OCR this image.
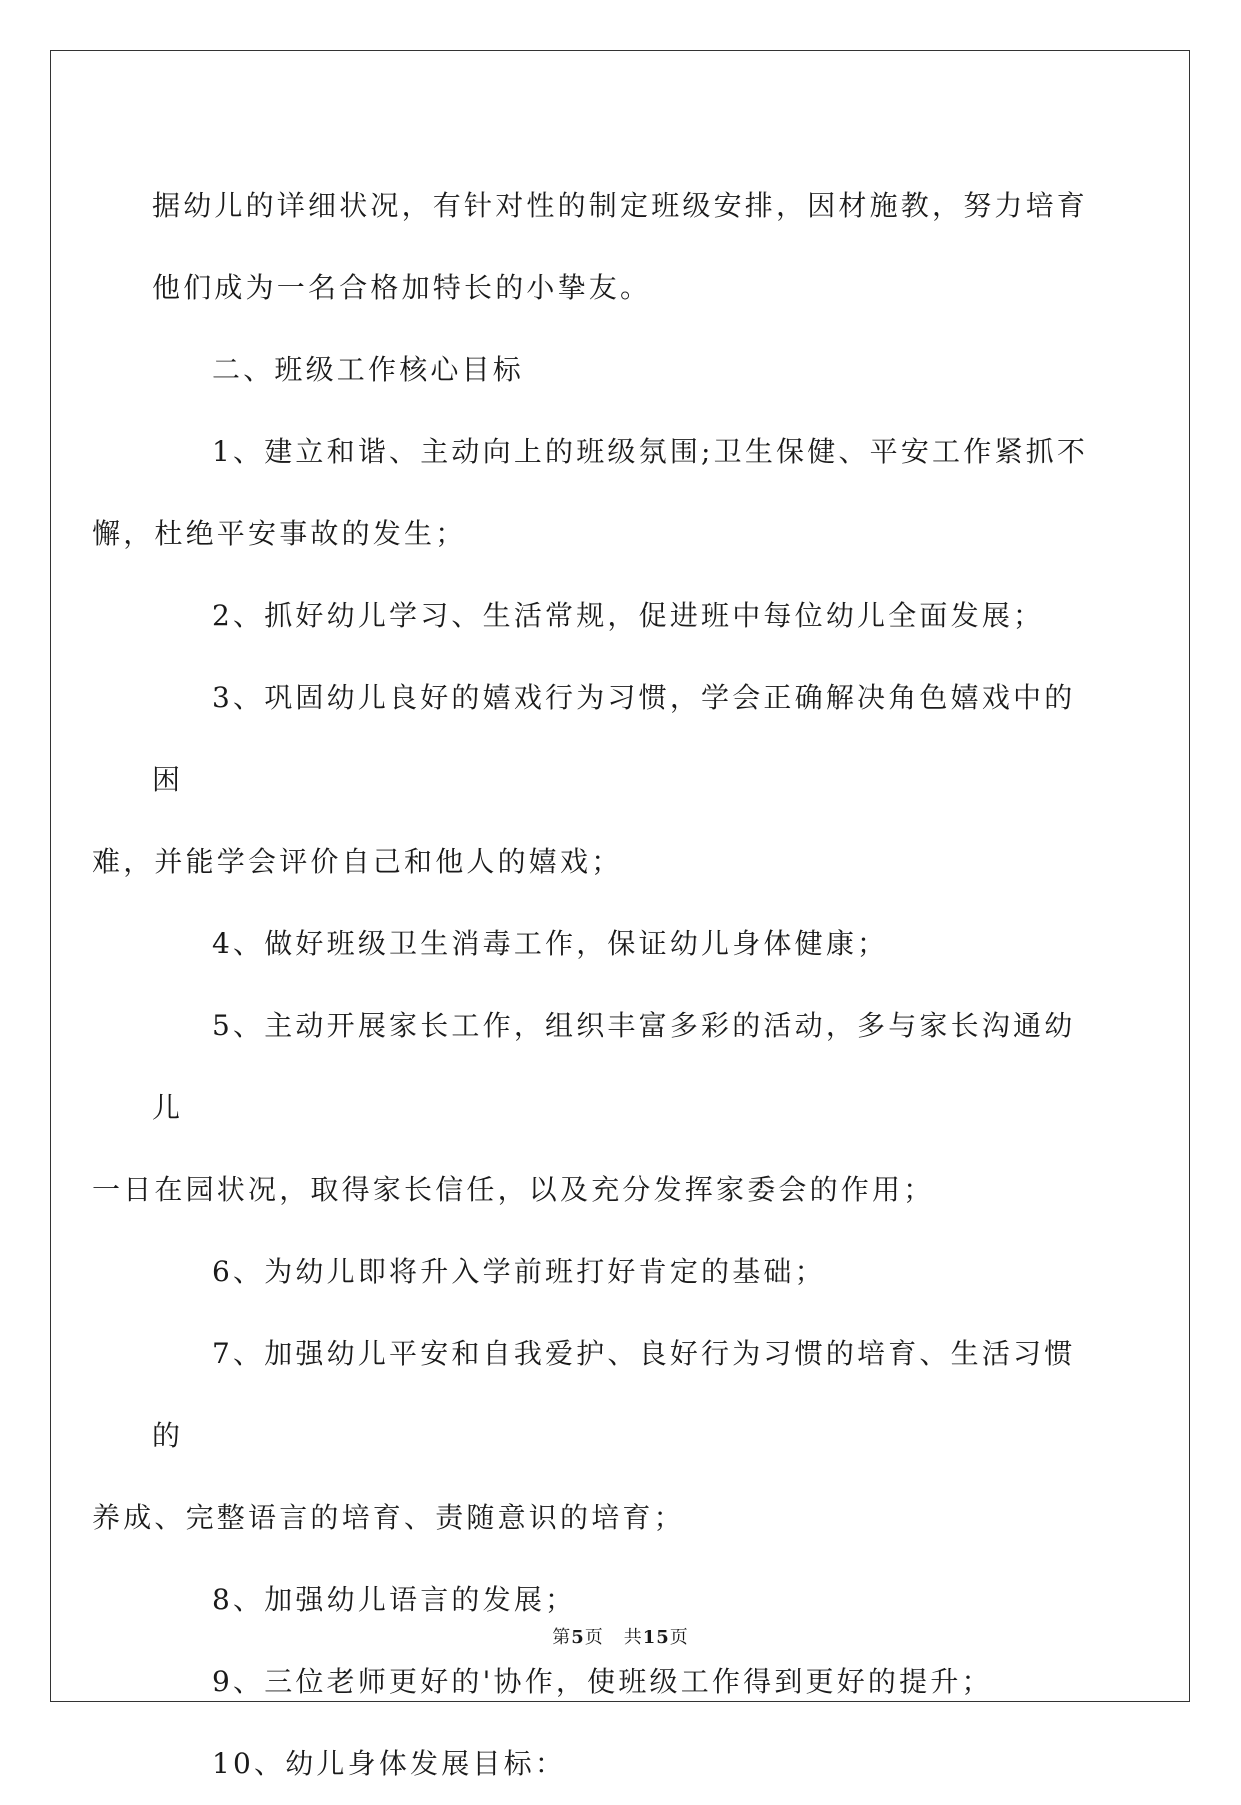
据幼儿的详细状况，有针对性的制定班级安排，因材施教，努力培育
他们成为一名合格加特长的小挚友。

二、班级工作核心目标

1、建立和谐、主动向上的班级氛围;卫生保健、平安工作紧抓不
懈，杜绝平安事故的发生；

2、抓好幼儿学习、生活常规，促进班中每位幼儿全面发展；

3、巩固幼儿良好的嬉戏行为习惯，学会正确解决角色嬉戏中的困
难，并能学会评价自己和他人的嬉戏；

4、做好班级卫生消毒工作，保证幼儿身体健康；

5、主动开展家长工作，组织丰富多彩的活动，多与家长沟通幼儿
一日在园状况，取得家长信任，以及充分发挥家委会的作用；

6、为幼儿即将升入学前班打好肯定的基础；

7、加强幼儿平安和自我爱护、良好行为习惯的培育、生活习惯的
养成、完整语言的培育、责随意识的培育；

8、加强幼儿语言的发展；

9、三位老师更好的'协作，使班级工作得到更好的提升；

10、幼儿身体发展目标：

第5页 共15页
